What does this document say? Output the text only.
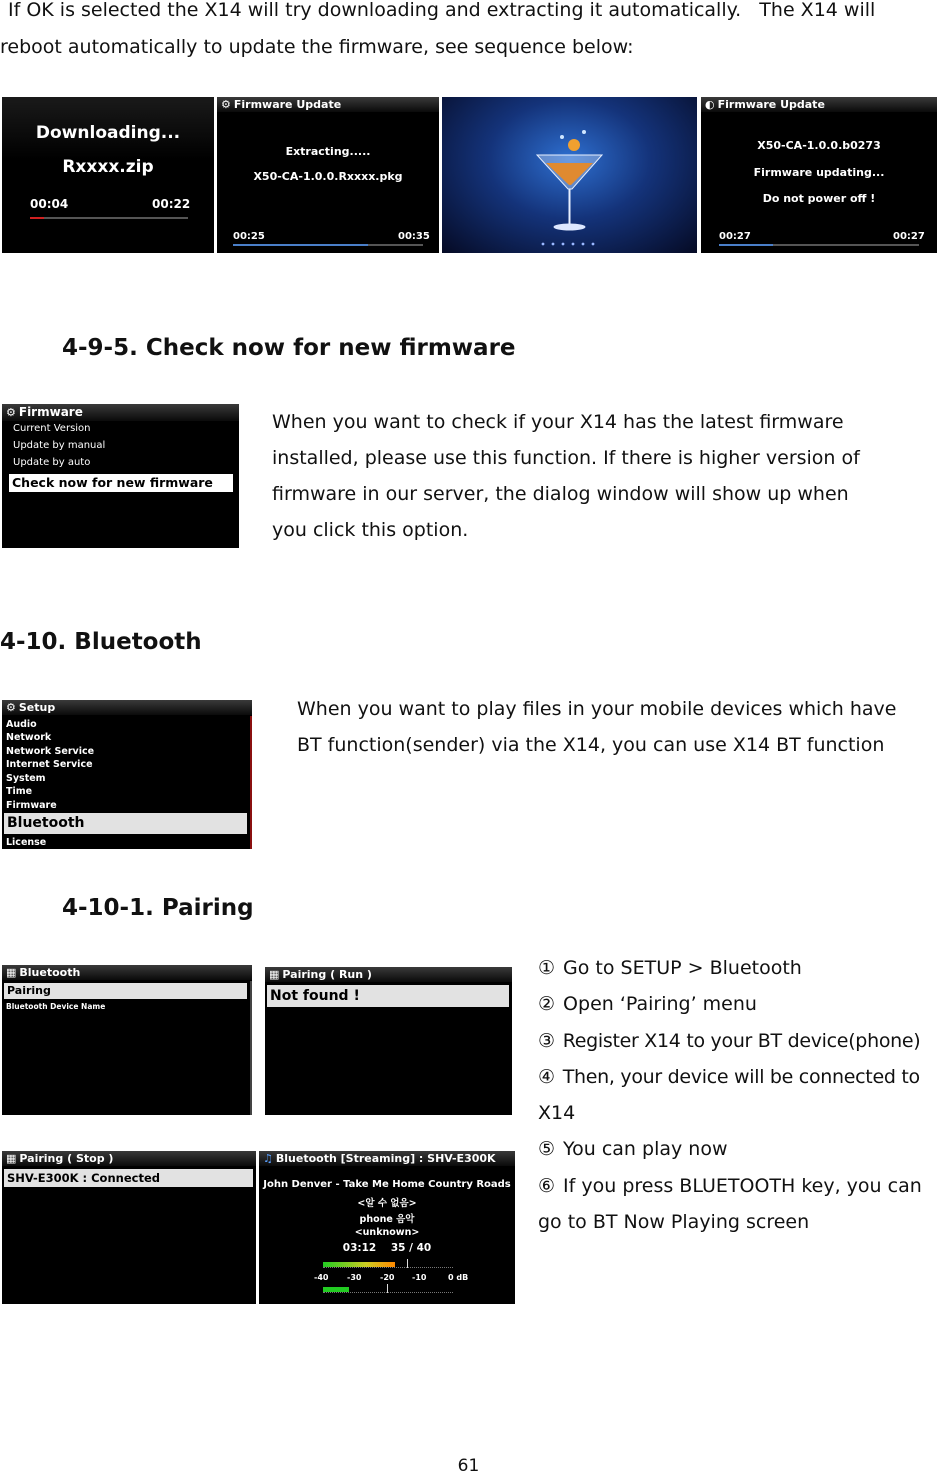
If OK is selected the X14 will try downloading and extracting it automatically.   The X14 will
reboot automatically to update the firmware, see sequence below:
Downloading...
Rxxxx.zip
00:04	00:22
⚙ Firmware Update
Extracting.....
X50-CA-1.0.0.Rxxxx.pkg
00:25	00:35
◐ Firmware Update
X50-CA-1.0.0.b0273
Firmware updating...
Do not power off !
00:27	00:27
4-9-5. Check now for new firmware
⚙ Firmware
Current Version
Update by manual
Update by auto
Check now for new firmware
When you want to check if your X14 has the latest firmware
installed, please use this function. If there is higher version of
firmware in our server, the dialog window will show up when
you click this option.
4-10. Bluetooth
⚙ Setup
Audio
Network
Network Service
Internet Service
System
Time
Firmware
Bluetooth
License
When you want to play files in your mobile devices which have
BT function(sender) via the X14, you can use X14 BT function
4-10-1. Pairing
▦ Bluetooth
Pairing
Bluetooth Device Name
▦ Pairing ( Run )
Not found !
▦ Pairing ( Stop )
SHV-E300K : Connected
♫ Bluetooth [Streaming] : SHV-E300K
John Denver - Take Me Home Country Roads
<알 수 없음>
phone 음악
<unknown>
03:12 35 / 40
-40 -30 -20 -10	0 dB
① Go to SETUP > Bluetooth
② Open ‘Pairing’ menu
③ Register X14 to your BT device(phone)
④ Then, your device will be connected to
X14
⑤ You can play now
⑥ If you press BLUETOOTH key, you can
go to BT Now Playing screen
61
